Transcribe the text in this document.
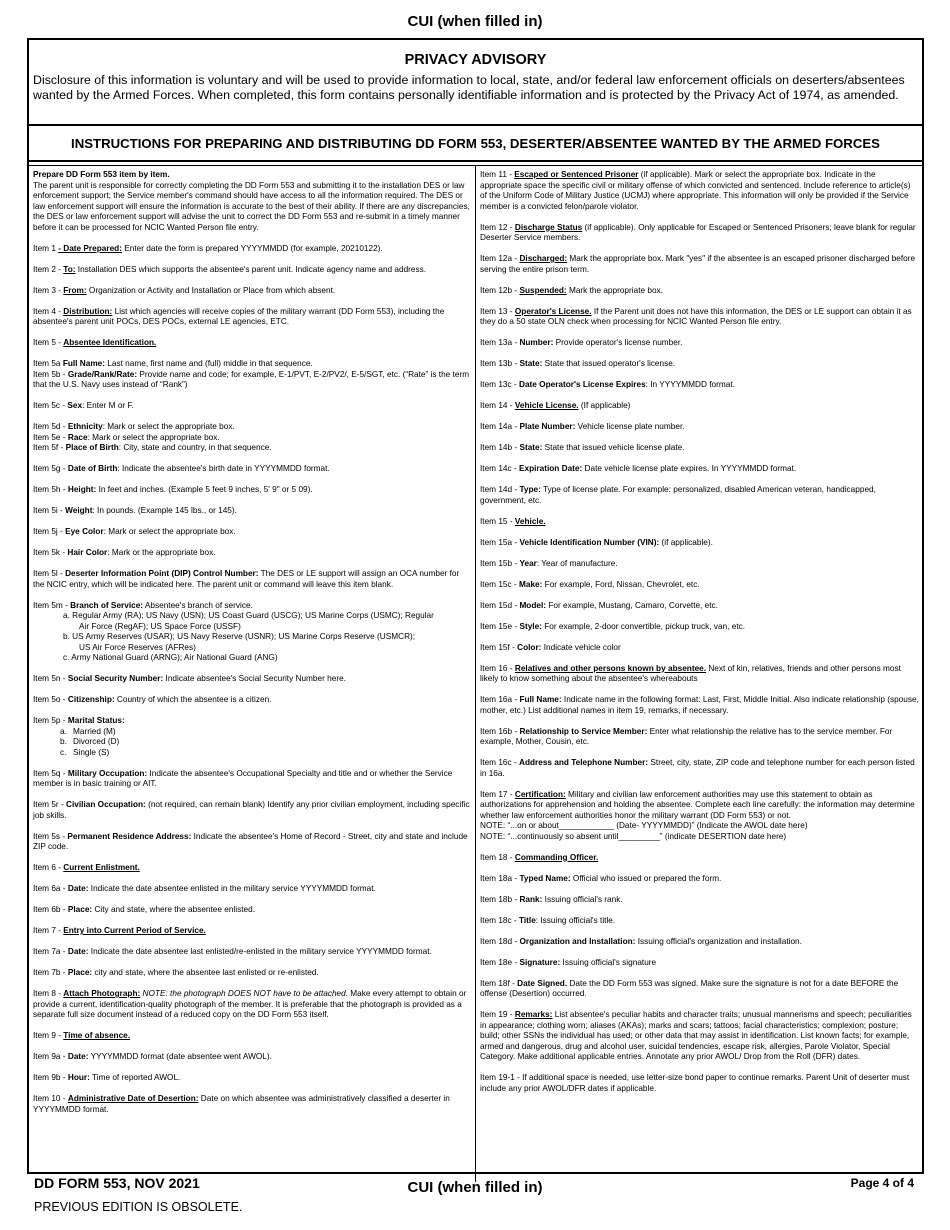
CUI (when filled in)
PRIVACY ADVISORY
Disclosure of this information is voluntary and will be used to provide information to local, state, and/or federal law enforcement officials on deserters/absentees wanted by the Armed Forces. When completed, this form contains personally identifiable information and is protected by the Privacy Act of 1974, as amended.
INSTRUCTIONS FOR PREPARING AND DISTRIBUTING DD FORM 553, DESERTER/ABSENTEE WANTED BY THE ARMED FORCES

Prepare DD Form 553 item by item.
The parent unit is responsible for correctly completing the DD Form 553 and submitting it to the installation DES or law enforcement support; the Service member's command should have access to all the information required. The DES or law enforcement support will ensure the information is accurate to the best of their ability. If there are any discrepancies, the DES or law enforcement support will advise the unit to correct the DD Form 553 and re-submit in a timely manner before it can be processed for NCIC Wanted Person file entry.

Item 1 - Date Prepared: Enter date the form is prepared YYYYMMDD (for example, 20210122).

Item 2 - To: Installation DES which supports the absentee's parent unit. Indicate agency name and address.

Item 3 - From: Organization or Activity and Installation or Place from which absent.

Item 4 - Distribution: List which agencies will receive copies of the military warrant (DD Form 553), including the absentee's parent unit POCs, DES POCs, external LE agencies, ETC.

Item 5 - Absentee Identification.

Item 5a Full Name: Last name, first name and (full) middle in that sequence.
Item 5b - Grade/Rank/Rate: Provide name and code; for example, E-1/PVT, E-2/PV2/, E-5/SGT, etc. (“Rate” is the term that the U.S. Navy uses instead of “Rank”)

Item 5c - Sex: Enter M or F.

Item 5d - Ethnicity: Mark or select the appropriate box.
Item 5e - Race: Mark or select the appropriate box.
Item 5f - Place of Birth: City, state and country, in that sequence.

Item 5g - Date of Birth: Indicate the absentee's birth date in YYYYMMDD format.

Item 5h - Height: In feet and inches. (Example 5 feet 9 inches, 5' 9" or 5 09).

Item 5i - Weight: In pounds. (Example 145 lbs., or 145).

Item 5j - Eye Color: Mark or select the appropriate box.

Item 5k - Hair Color: Mark or the appropriate box.

Item 5l - Deserter Information Point (DIP) Control Number: The DES or LE support will assign an OCA number for the NCIC entry, which will be indicated here. The parent unit or command will leave this item blank.

Item 5m - Branch of Service: Absentee's branch of service.
a. Regular Army (RA); US Navy (USN); US Coast Guard (USCG); US Marine Corps (USMC); Regular
Air Force (RegAF); US Space Force (USSF)
b. US Army Reserves (USAR); US Navy Reserve (USNR); US Marine Corps Reserve (USMCR);
US Air Force Reserves (AFRes)
c. Army National Guard (ARNG); Air National Guard (ANG)

Item 5n - Social Security Number: Indicate absentee's Social Security Number here.

Item 5o - Citizenship: Country of which the absentee is a citizen.

Item 5p - Marital Status:
a. Married (M)
b. Divorced (D)
c. Single (S)

Item 5q - Military Occupation: Indicate the absentee's Occupational Specialty and title and or whether the Service member is in basic training or AIT.

Item 5r - Civilian Occupation: (not required, can remain blank) Identify any prior civilian employment, including specific job skills.

Item 5s - Permanent Residence Address: Indicate the absentee's Home of Record - Street, city and state and include ZIP code.

Item 6 - Current Enlistment.

Item 6a - Date: Indicate the date absentee enlisted in the military service YYYYMMDD format.

Item 6b - Place: City and state, where the absentee enlisted.

Item 7 - Entry into Current Period of Service.

Item 7a - Date: Indicate the date absentee last enlisted/re-enlisted in the military service YYYYMMDD format.

Item 7b - Place: city and state, where the absentee last enlisted or re-enlisted.

Item 8 - Attach Photograph: NOTE: the photograph DOES NOT have to be attached. Make every attempt to obtain or provide a current, identification-quality photograph of the member. It is preferable that the photograph is provided as a separate full size document instead of a reduced copy on the DD Form 553 itself.

Item 9 - Time of absence.

Item 9a - Date: YYYYMMDD format (date absentee went AWOL).

Item 9b - Hour: Time of reported AWOL.

Item 10 - Administrative Date of Desertion: Date on which absentee was administratively classified a deserter in YYYYMMDD format.

Item 11 - Escaped or Sentenced Prisoner (if applicable). Mark or select the appropriate box. Indicate in the appropriate space the specific civil or military offense of which convicted and sentenced. Include reference to article(s) of the Uniform Code of Military Justice (UCMJ) where appropriate. This information will only be provided if the Service member is a convicted felon/parole violator.

Item 12 - Discharge Status (if applicable). Only applicable for Escaped or Sentenced Prisoners; leave blank for regular Deserter Service members.

Item 12a - Discharged: Mark the appropriate box. Mark "yes" if the absentee is an escaped prisoner discharged before serving the entire prison term.

Item 12b - Suspended: Mark the appropriate box.

Item 13 - Operator's License. If the Parent unit does not have this information, the DES or LE support can obtain it as they do a 50 state OLN check when processing for NCIC Wanted Person file entry.

Item 13a - Number: Provide operator's license number.

Item 13b - State: State that issued operator's license.

Item 13c - Date Operator's License Expires: In YYYYMMDD format.

Item 14 - Vehicle License. (If applicable)

Item 14a - Plate Number: Vehicle license plate number.

Item 14b - State: State that issued vehicle license plate.

Item 14c - Expiration Date: Date vehicle license plate expires. In YYYYMMDD format.

Item 14d - Type: Type of license plate. For example: personalized, disabled American veteran, handicapped, government, etc.

Item 15 - Vehicle.

Item 15a - Vehicle Identification Number (VIN): (if applicable).

Item 15b - Year: Year of manufacture.

Item 15c - Make: For example, Ford, Nissan, Chevrolet, etc.

Item 15d - Model: For example, Mustang, Camaro, Corvette, etc.

Item 15e - Style: For example, 2-door convertible, pickup truck, van, etc.

Item 15f - Color: Indicate vehicle color

Item 16 - Relatives and other persons known by absentee. Next of kin, relatives, friends and other persons most likely to know something about the absentee's whereabouts

Item 16a - Full Name: Indicate name in the following format: Last, First, Middle Initial. Also indicate relationship (spouse, mother, etc.) List additional names in item 19, remarks, if necessary.

Item 16b - Relationship to Service Member: Enter what relationship the relative has to the service member. For example, Mother, Cousin, etc.

Item 16c - Address and Telephone Number: Street, city, state, ZIP code and telephone number for each person listed in 16a.

Item 17 - Certification: Military and civilian law enforcement authorities may use this statement to obtain as authorizations for apprehension and holding the absentee. Complete each line carefully: the information may determine whether law enforcement authorities honor the military warrant (DD Form 553) or not.
NOTE: “...on or about____________ (Date- YYYYMMDD)” (Indicate the AWOL date here)
NOTE: “...continuously so absent until_________” (indicate DESERTION date here)

Item 18 - Commanding Officer.

Item 18a - Typed Name: Official who issued or prepared the form.

Item 18b - Rank: Issuing official's rank.

Item 18c - Title: Issuing official's title.

Item 18d - Organization and Installation: Issuing official's organization and installation.

Item 18e - Signature: Issuing official's signature

Item 18f - Date Signed. Date the DD Form 553 was signed. Make sure the signature is not for a date BEFORE the offense (Desertion) occurred.

Item 19 - Remarks: List absentee's peculiar habits and character traits; unusual mannerisms and speech; peculiarities in appearance; clothing worn; aliases (AKAs); marks and scars; tattoos; facial characteristics; complexion; posture; build; other SSNs the individual has used; or other data that may assist in identification. List known facts; for example, armed and dangerous, drug and alcohol user, suicidal tendencies, escape risk, allergies, Parole Violator, Special Category. Make additional applicable entries. Annotate any prior AWOL/ Drop from the Roll (DFR) dates.

Item 19-1 - If additional space is needed, use letter-size bond paper to continue remarks. Parent Unit of deserter must include any prior AWOL/DFR dates if applicable.

DD FORM 553, NOV 2021	CUI (when filled in)	Page 4 of 4
PREVIOUS EDITION IS OBSOLETE.
